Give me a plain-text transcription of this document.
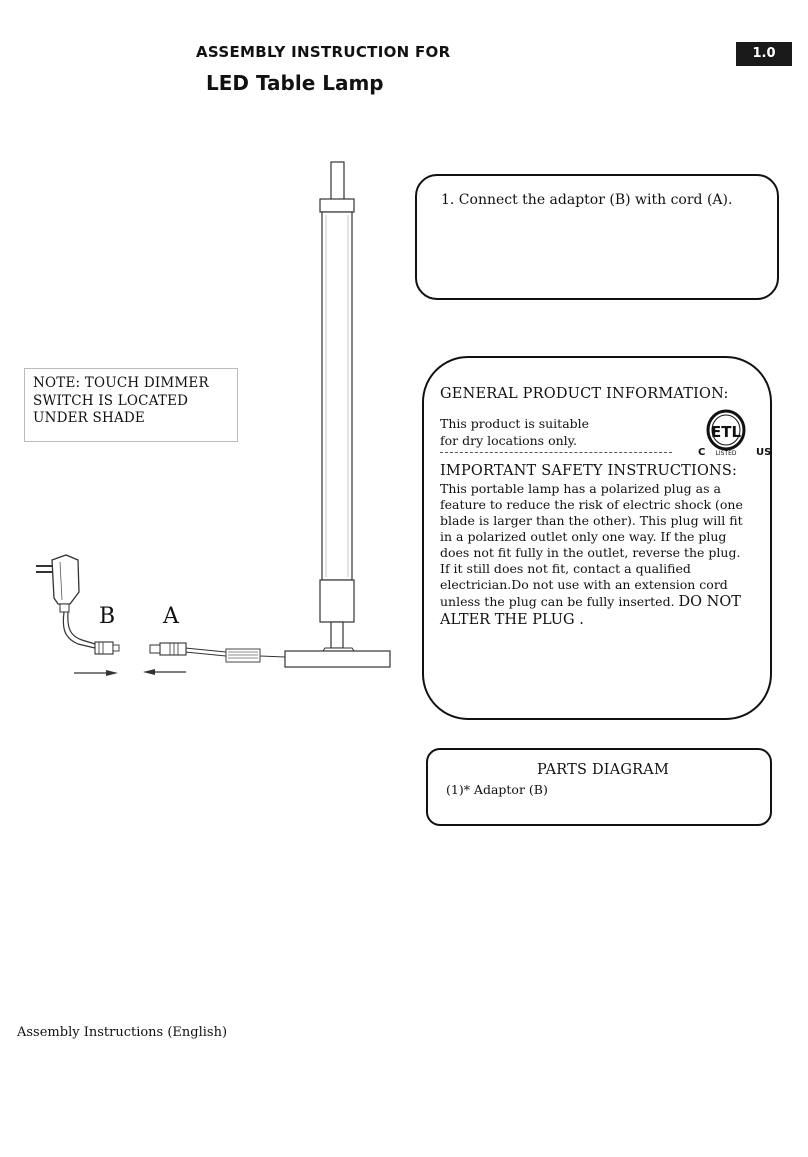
ASSEMBLY INSTRUCTION FOR
LED Table Lamp
1.0
B A
NOTE: TOUCH DIMMER
SWITCH IS LOCATED
UNDER SHADE
1. Connect the adaptor (B) with cord (A).
GENERAL PRODUCT INFORMATION:
This product is suitable
for dry locations only.
IMPORTANT SAFETY INSTRUCTIONS:
This portable lamp has a polarized plug as a feature to reduce the risk of electric shock (one blade is larger than the other). This plug will fit in a polarized outlet only one way. If the plug does not fit fully in the outlet, reverse the plug. If it still does not fit, contact a qualified electrician.Do not use with an extension cord unless the plug can be fully inserted. DO NOT ALTER THE PLUG .
ETL
C LISTED US
PARTS DIAGRAM
(1)* Adaptor (B)
Assembly Instructions (English)
